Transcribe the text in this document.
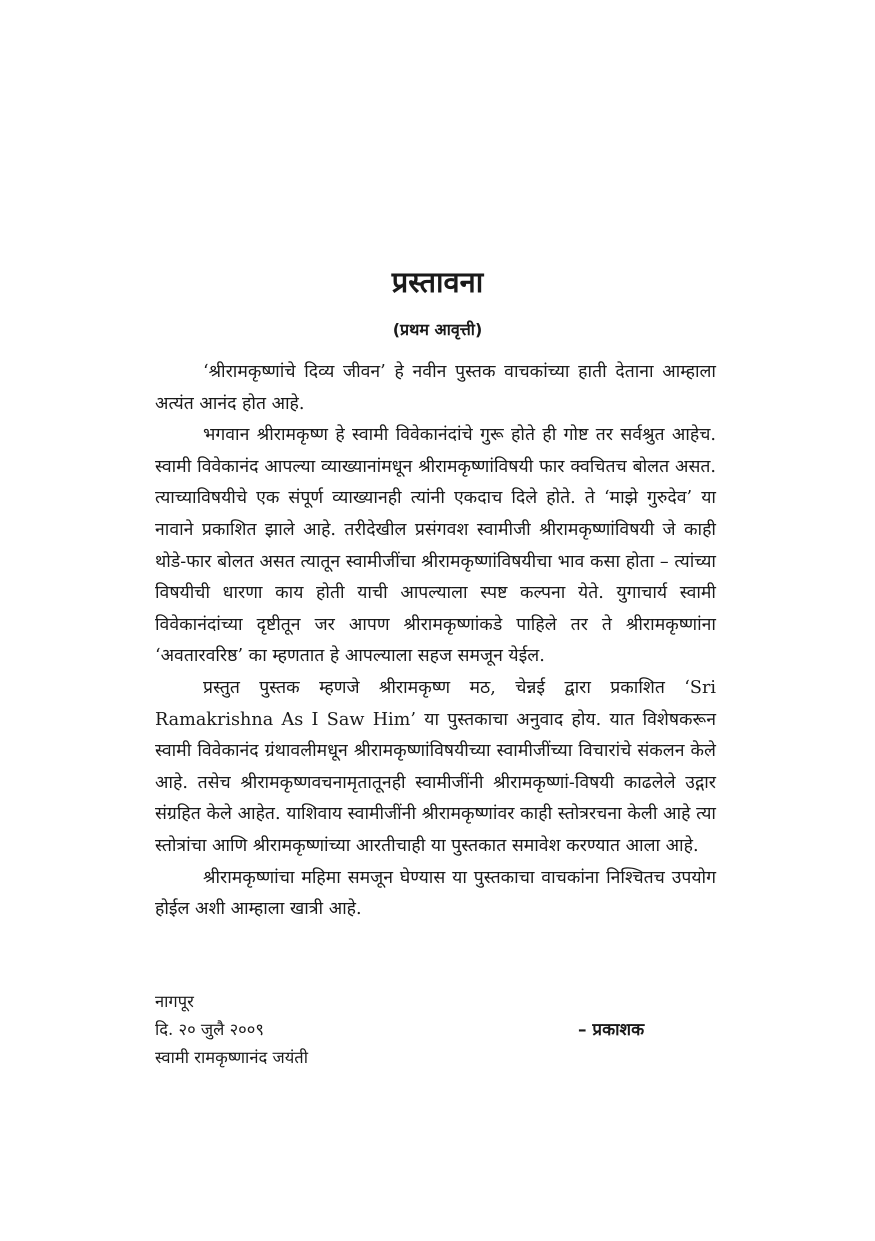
प्रस्तावना
(प्रथम आवृत्ती)

‘श्रीरामकृष्णांचे दिव्य जीवन’ हे नवीन पुस्तक वाचकांच्या हाती देताना आम्हाला अत्यंत आनंद होत आहे.

भगवान श्रीरामकृष्ण हे स्वामी विवेकानंदांचे गुरू होते ही गोष्ट तर सर्वश्रुत आहेच. स्वामी विवेकानंद आपल्या व्याख्यानांमधून श्रीरामकृष्णांविषयी फार क्वचितच बोलत असत. त्याच्याविषयीचे एक संपूर्ण व्याख्यानही त्यांनी एकदाच दिले होते. ते ‘माझे गुरुदेव’ या नावाने प्रकाशित झाले आहे. तरीदेखील प्रसंगवश स्वामीजी श्रीरामकृष्णांविषयी जे काही थोडे-फार बोलत असत त्यातून स्वामीजींचा श्रीरामकृष्णांविषयीचा भाव कसा होता – त्यांच्या विषयीची धारणा काय होती याची आपल्याला स्पष्ट कल्पना येते. युगाचार्य स्वामी विवेकानंदांच्या दृष्टीतून जर आपण श्रीरामकृष्णांकडे पाहिले तर ते श्रीरामकृष्णांना ‘अवतारवरिष्ठ’ का म्हणतात हे आपल्याला सहज समजून येईल.

प्रस्तुत पुस्तक म्हणजे श्रीरामकृष्ण मठ, चेन्नई द्वारा प्रकाशित ‘Sri Ramakrishna As I Saw Him’ या पुस्तकाचा अनुवाद होय. यात विशेषकरून स्वामी विवेकानंद ग्रंथावलीमधून श्रीरामकृष्णांविषयीच्या स्वामीजींच्या विचारांचे संकलन केले आहे. तसेच श्रीरामकृष्णवचनामृतातूनही स्वामीजींनी श्रीरामकृष्णां-विषयी काढलेले उद्गार संग्रहित केले आहेत. याशिवाय स्वामीजींनी श्रीरामकृष्णांवर काही स्तोत्ररचना केली आहे त्या स्तोत्रांचा आणि श्रीरामकृष्णांच्या आरतीचाही या पुस्तकात समावेश करण्यात आला आहे.

श्रीरामकृष्णांचा महिमा समजून घेण्यास या पुस्तकाचा वाचकांना निश्चितच उपयोग होईल अशी आम्हाला खात्री आहे.

नागपूर
दि. २० जुलै २००९
स्वामी रामकृष्णानंद जयंती
– प्रकाशक
